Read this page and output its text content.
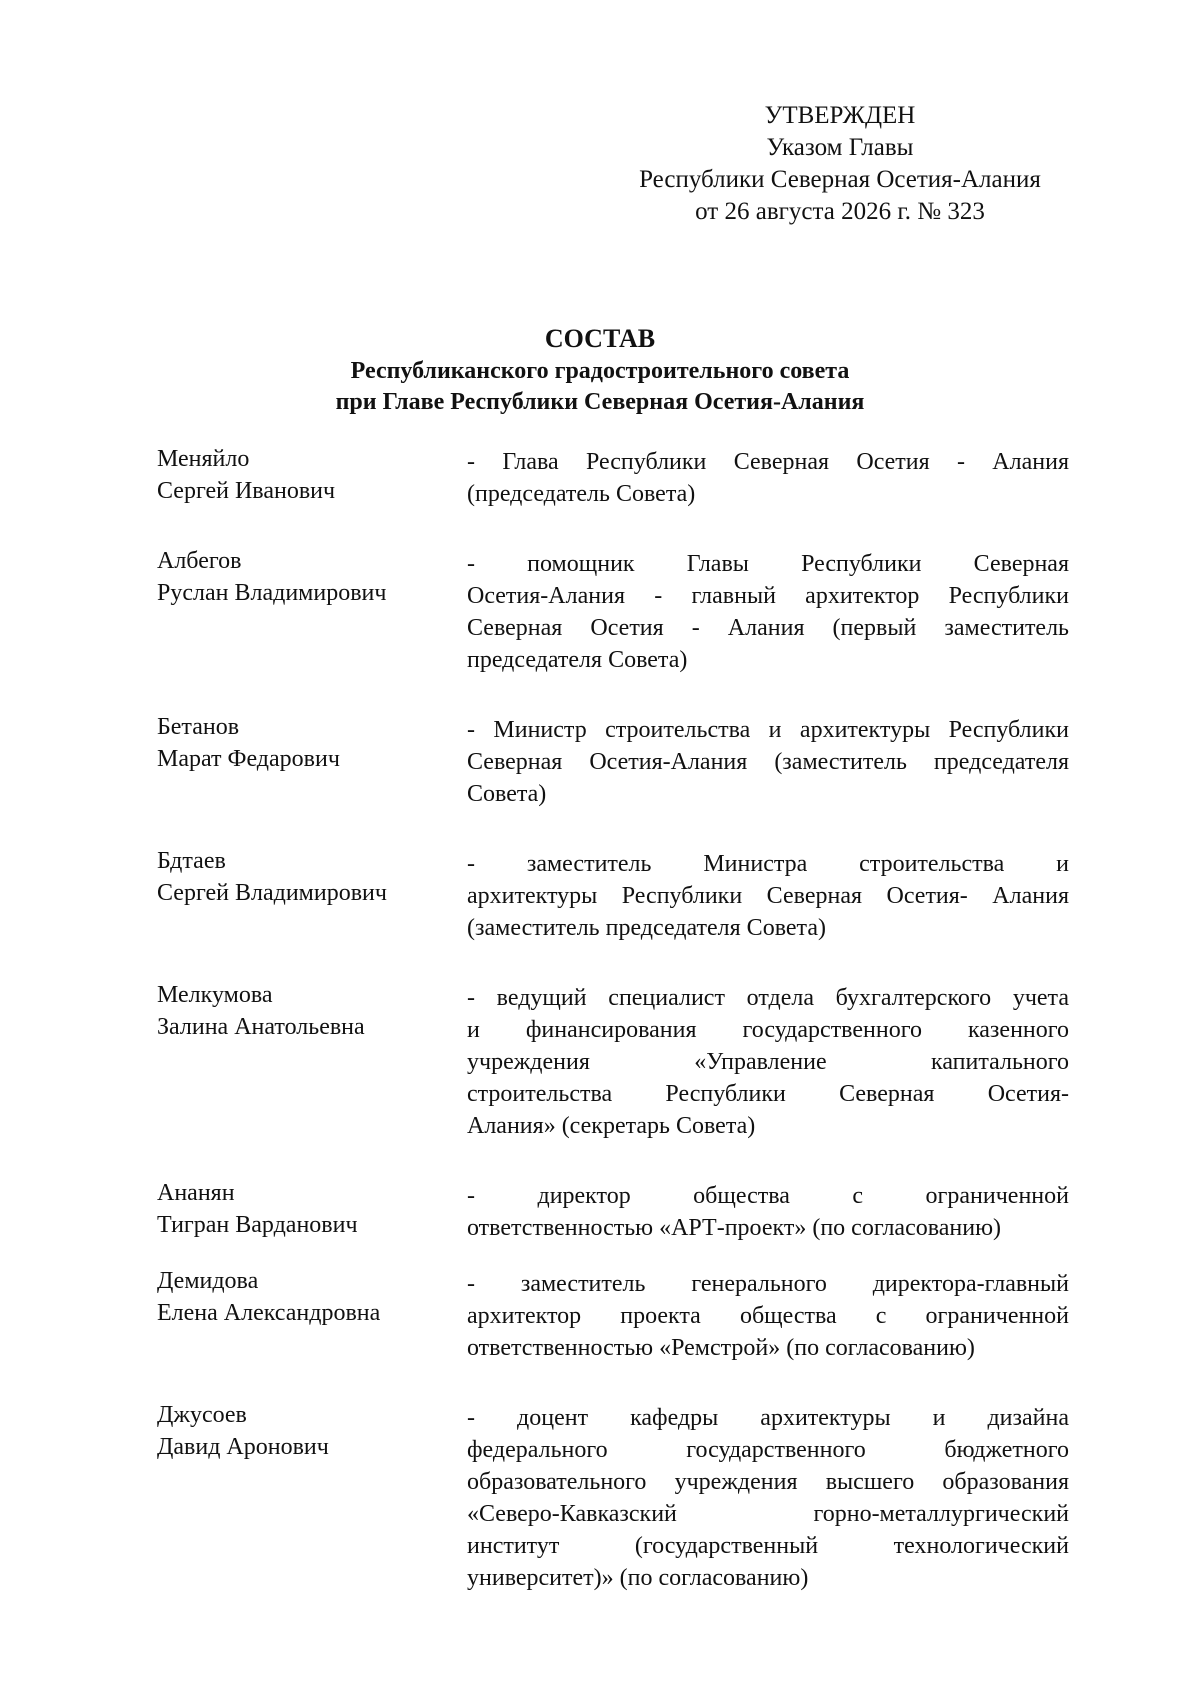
УТВЕРЖДЕН
Указом Главы
Республики Северная Осетия-Алания
от 26 августа 2026 г. № 323
СОСТАВ
Республиканского градостроительного совета
при Главе Республики Северная Осетия-Алания
Меняйло
Сергей Иванович
- Глава Республики Северная Осетия - Алания
(председатель Совета)
Албегов
Руслан Владимирович
- помощник Главы Республики Северная
Осетия-Алания - главный архитектор Республики
Северная Осетия - Алания (первый заместитель
председателя Совета)
Бетанов
Марат Федарович
- Министр строительства и архитектуры Республики
Северная Осетия-Алания (заместитель председателя
Совета)
Бдтаев
Сергей Владимирович
- заместитель Министра строительства и
архитектуры Республики Северная Осетия- Алания
(заместитель председателя Совета)
Мелкумова
Залина Анатольевна
- ведущий специалист отдела бухгалтерского учета
и финансирования государственного казенного
учреждения «Управление капитального
строительства Республики Северная Осетия-
Алания» (секретарь Совета)
Ананян
Тигран Варданович
- директор общества с ограниченной
ответственностью «АРТ-проект» (по согласованию)
Демидова
Елена Александровна
- заместитель генерального директора-главный
архитектор проекта общества с ограниченной
ответственностью «Ремстрой» (по согласованию)
Джусоев
Давид Аронович
- доцент кафедры архитектуры и дизайна
федерального государственного бюджетного
образовательного учреждения высшего образования
«Северо-Кавказский горно-металлургический
институт (государственный технологический
университет)» (по согласованию)
